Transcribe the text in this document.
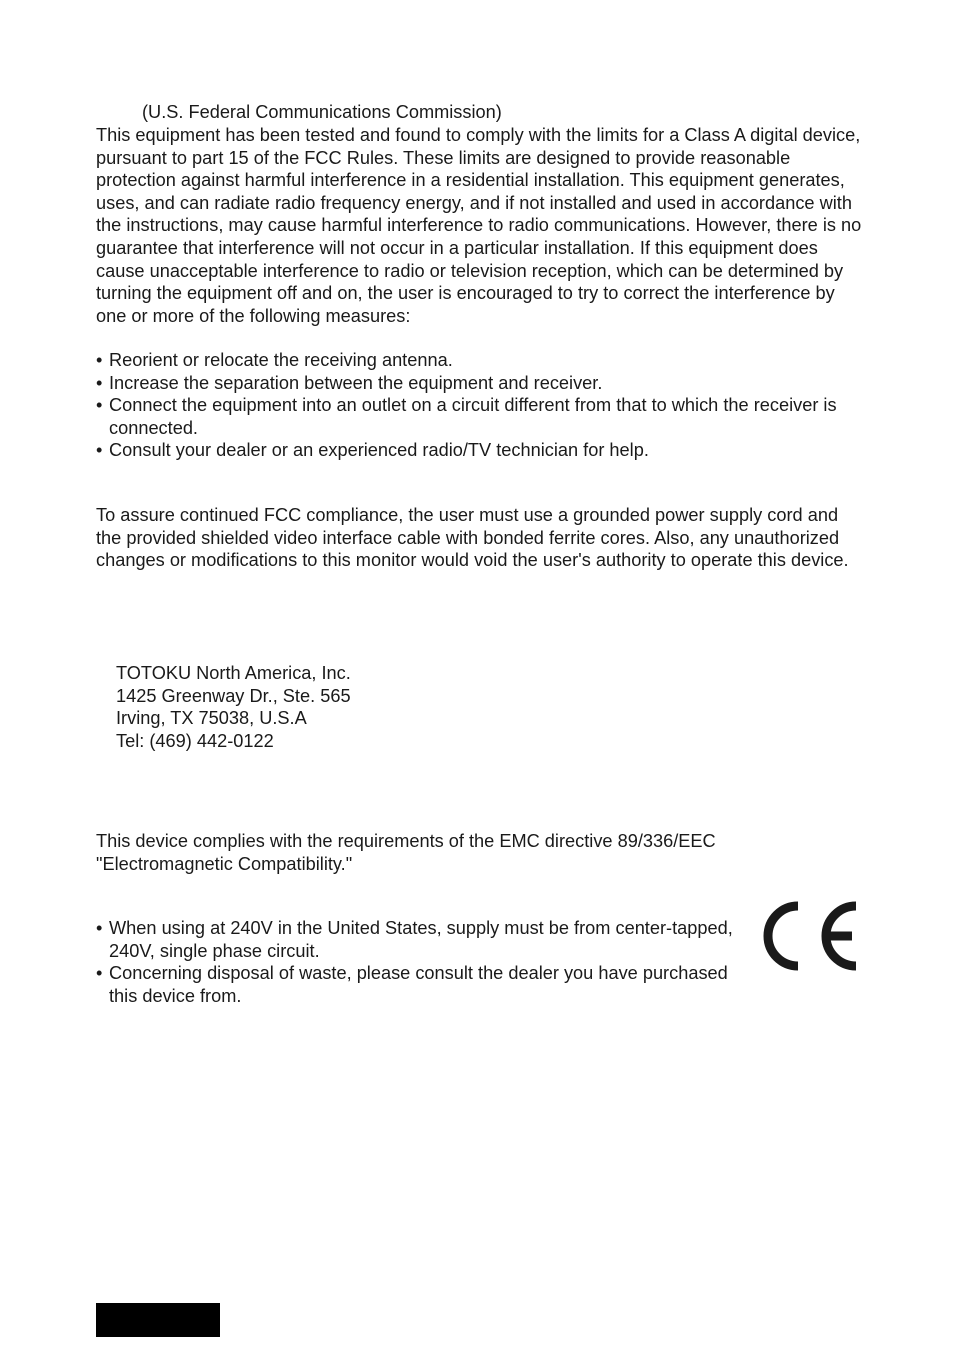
(U.S. Federal Communications Commission)

This equipment has been tested and found to comply with the limits for a Class A digital device, pursuant to part 15 of the FCC Rules. These limits are designed to provide reasonable protection against harmful interference in a residential installation. This equipment generates, uses, and can radiate radio frequency energy, and if not installed and used in accordance with the instructions, may cause harmful interference to radio communications. However, there is no guarantee that interference will not occur in a particular installation. If this equipment does cause unacceptable interference to radio or television reception, which can be determined by turning the equipment off and on, the user is encouraged to try to correct the interference by one or more of the following measures:

• Reorient or relocate the receiving antenna.
• Increase the separation between the equipment and receiver.
• Connect the equipment into an outlet on a circuit different from that to which the receiver is connected.
• Consult your dealer or an experienced radio/TV technician for help.

To assure continued FCC compliance, the user must use a grounded power supply cord and the provided shielded video interface cable with bonded ferrite cores. Also, any unauthorized changes or modifications to this monitor would void the user's authority to operate this device.

TOTOKU North America, Inc.
1425 Greenway Dr., Ste. 565
Irving, TX 75038, U.S.A
Tel: (469) 442-0122

This device complies with the requirements of the EMC directive 89/336/EEC "Electromagnetic Compatibility."

• When using at 240V in the United States, supply must be from center-tapped, 240V, single phase circuit.
• Concerning disposal of waste, please consult the dealer you have purchased this device from.
